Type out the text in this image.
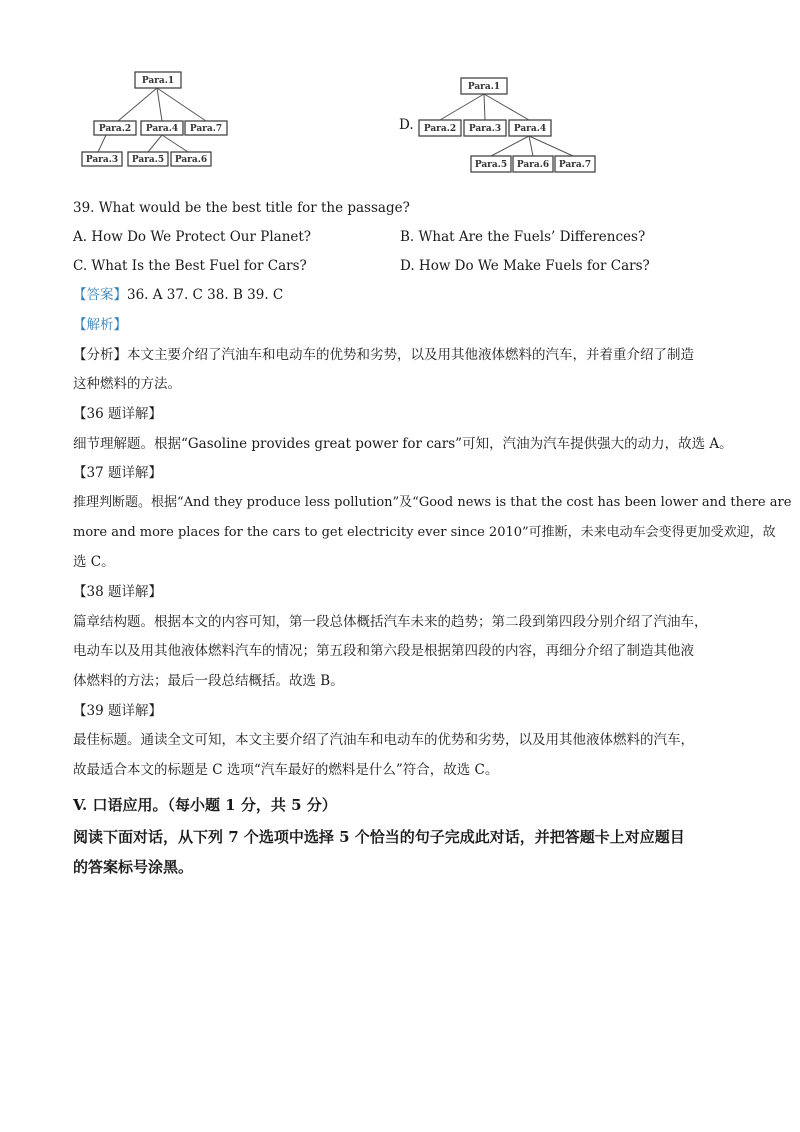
Para.1
Para.2 Para.4 Para.7
Para.3 Para.5 Para.6
D.
Para.1
Para.2 Para.3 Para.4
Para.5 Para.6 Para.7
39. What would be the best title for the passage?
A. How Do We Protect Our Planet?	B. What Are the Fuels’ Differences?
C. What Is the Best Fuel for Cars?	D. How Do We Make Fuels for Cars?
【答案】36. A 37. C 38. B 39. C
【解析】
【分析】本文主要介绍了汽油车和电动车的优势和劣势，以及用其他液体燃料的汽车，并着重介绍了制造
这种燃料的方法。
【36 题详解】
细节理解题。根据“Gasoline provides great power for cars”可知，汽油为汽车提供强大的动力，故选 A。
【37 题详解】
推理判断题。根据“And they produce less pollution”及“Good news is that the cost has been lower and there are
more and more places for the cars to get electricity ever since 2010”可推断，未来电动车会变得更加受欢迎，故
选 C。
【38 题详解】
篇章结构题。根据本文的内容可知，第一段总体概括汽车未来的趋势；第二段到第四段分别介绍了汽油车，
电动车以及用其他液体燃料汽车的情况；第五段和第六段是根据第四段的内容，再细分介绍了制造其他液
体燃料的方法；最后一段总结概括。故选 B。
【39 题详解】
最佳标题。通读全文可知，本文主要介绍了汽油车和电动车的优势和劣势，以及用其他液体燃料的汽车，
故最适合本文的标题是 C 选项“汽车最好的燃料是什么”符合，故选 C。
V. 口语应用。（每小题 1 分，共 5 分）
阅读下面对话，从下列 7 个选项中选择 5 个恰当的句子完成此对话，并把答题卡上对应题目
的答案标号涂黑。
